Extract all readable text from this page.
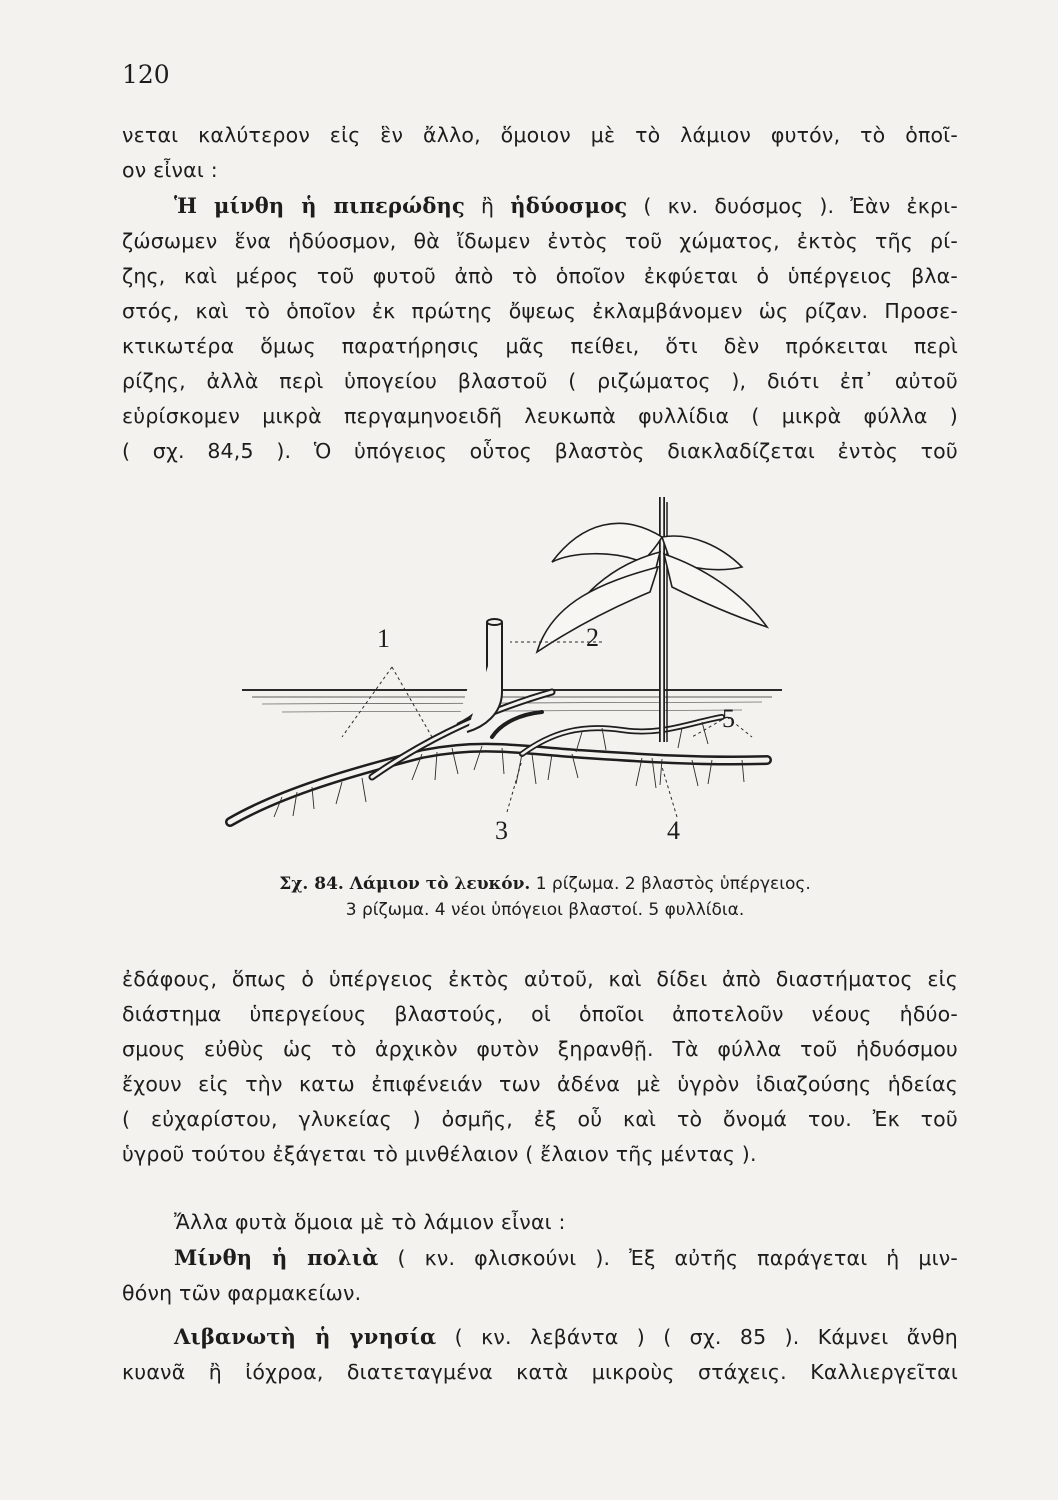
120
νεται καλύτερον εἰς ἓν ἄλλο, ὅμοιον μὲ τὸ λάμιον φυτόν, τὸ ὁποῖ-
ον εἶναι :
Ἡ μίνθη ἡ πιπερώδης ἢ ἡδύοσμος ( κν. δυόσμος ). Ἐὰν ἐκρι-
ζώσωμεν ἕνα ἡδύοσμον, θὰ ἴδωμεν ἐντὸς τοῦ χώματος, ἐκτὸς τῆς ρί-
ζης, καὶ μέρος τοῦ φυτοῦ ἀπὸ τὸ ὁποῖον ἐκφύεται ὁ ὑπέργειος βλα-
στός, καὶ τὸ ὁποῖον ἐκ πρώτης ὄψεως ἐκλαμβάνομεν ὡς ρίζαν. Προσε-
κτικωτέρα ὅμως παρατήρησις μᾶς πείθει, ὅτι δὲν πρόκειται περὶ
ρίζης, ἀλλὰ περὶ ὑπογείου βλαστοῦ ( ριζώματος ), διότι ἐπ᾽ αὐτοῦ
εὑρίσκομεν μικρὰ περγαμηνοειδῆ λευκωπὰ φυλλίδια ( μικρὰ φύλλα )
( σχ. 84,5 ). Ὁ ὑπόγειος οὗτος βλαστὸς διακλαδίζεται ἐντὸς τοῦ
1	2
3	4
5
Σχ. 84. Λάμιον τὸ λευκόν. 1 ρίζωμα. 2 βλαστὸς ὑπέργειος.
3 ρίζωμα. 4 νέοι ὑπόγειοι βλαστοί. 5 φυλλίδια.
ἐδάφους, ὅπως ὁ ὑπέργειος ἐκτὸς αὐτοῦ, καὶ δίδει ἀπὸ διαστήματος εἰς
διάστημα ὑπεργείους βλαστούς, οἱ ὁποῖοι ἀποτελοῦν νέους ἡδύο-
σμους εὐθὺς ὡς τὸ ἀρχικὸν φυτὸν ξηρανθῇ. Τὰ φύλλα τοῦ ἡδυόσμου
ἔχουν εἰς τὴν κατω ἐπιφένειάν των ἀδένα μὲ ὑγρὸν ἰδιαζούσης ἡδείας
( εὐχαρίστου, γλυκείας ) ὀσμῆς, ἐξ οὗ καὶ τὸ ὄνομά του. Ἐκ τοῦ
ὑγροῦ τούτου ἐξάγεται τὸ μινθέλαιον ( ἔλαιον τῆς μέντας ).
Ἄλλα φυτὰ ὅμοια μὲ τὸ λάμιον εἶναι :
Μίνθη ἡ πολιὰ ( κν. φλισκούνι ). Ἐξ αὐτῆς παράγεται ἡ μιν-
θόνη τῶν φαρμακείων.
Λιβανωτὴ ἡ γνησία ( κν. λεβάντα ) ( σχ. 85 ). Κάμνει ἄνθη
κυανᾶ ἢ ἰόχροα, διατεταγμένα κατὰ μικροὺς στάχεις. Καλλιεργεῖται
